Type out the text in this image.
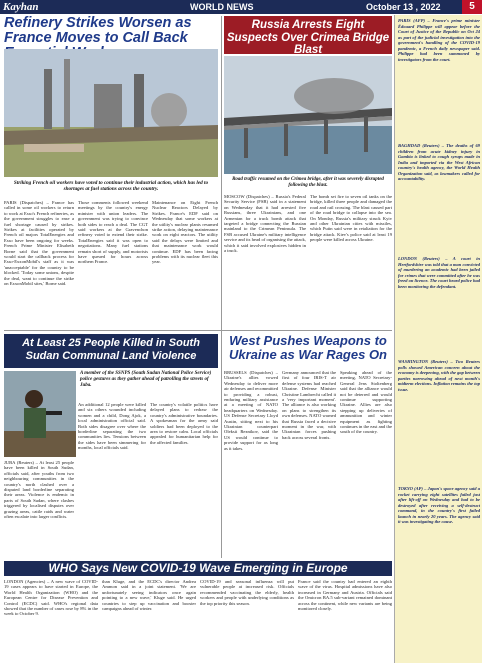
Kayhan	WORLD NEWS	October 13 , 2022	5
Refinery Strikes Worsen as France Moves to Call Back
Striking French oil workers have voted to continue their industrial action, which has led to shortages at fuel stations across the country.
PARIS (Dispatches) – France has called in some oil workers to return to work at Esso's French refineries, as the government struggles to ease a fuel shortage caused by strikes. Strikes at facilities operated by French oil majors TotalEnergies and Esso have been ongoing for weeks. French Prime Minister Elisabeth Borne said that the government would start the callback process for Esso-ExxonMobil's staff as it was 'unacceptable' for the country to be blocked. 'Today some unions, despite the deal, want to continue the strike on ExxonMobil sites,' Borne said.
Those comments followed weekend meetings by the country's energy minister with union leaders. The government was trying to convince both sides to reach a deal. The CGT said workers at the Gravenchon refinery voted to extend their strike. TotalEnergies said it was open to negotiations. Many fuel stations remain short of supply, and motorists have queued for hours across northern France.
Maintenance on Eight French Nuclear Reactors Delayed by Strikes. France's EDF said on Wednesday that some workers at the utility's nuclear plants resumed strike action, delaying maintenance work on eight reactors. The utility said the delays were limited and that maintenance work would continue. EDF has been facing problems with its nuclear fleet this year.
Russia Arrests Eight Suspects Over Crimea Bridge Blast
Road traffic resumed on the Crimea bridge, after it was severely disrupted following the blast.
MOSCOW (Dispatches) – Russia's Federal Security Service (FSB) said in a statement on Wednesday that it had arrested five Russians, three Ukrainians, and one Armenian for a truck bomb attack that targeted a bridge connecting the Russian mainland to the Crimean Peninsula. The FSB accused Ukraine's military intelligence service and its head of organising the attack, which it said involved explosives hidden in a truck.
The bomb set fire to seven oil tanks on the bridge, killed three people and damaged the road and rail crossing. The blast caused part of the road bridge to collapse into the sea. On Monday, Russia's military struck Kyiv and other Ukrainian cities with missiles, which Putin said were in retaliation for the bridge attack. Kiev's police said at least 19 people were killed across Ukraine.
At Least 25 People Killed in South Sudan Communal Land Violence
A member of the SSNPS (South Sudan National Police Service) police gestures as they gather ahead of patrolling the streets of Juba.
JUBA (Reuters) – At least 25 people have been killed in South Sudan, officials said, after youths from two neighbouring communities in the country's north clashed over a disputed land borderline separating their areas. Violence is endemic in parts of South Sudan, where clashes triggered by localised disputes over grazing areas, cattle raids and water often escalate into larger conflicts.
An additional 12 people were killed and six others wounded including women and a child, Dong Ajok, a local administration official said. Both sides disagree over where the borderline separating the two communities lies. Tensions between the sides have been simmering for months, local officials said.
The country's volatile politics have delayed plans to redraw the country's administrative boundaries. A spokesman for the army said soldiers had been deployed to the area to restore calm. Local officials appealed for humanitarian help for the affected families.
West Pushes Weapons to Ukraine as War Rages On
BRUSSELS (Dispatches) – Ukraine's allies vowed Wednesday to deliver more air defenses and recommitted to providing a robust, enduring military assistance at a meeting of NATO headquarters on Wednesday. US Defense Secretary Lloyd Austin, sitting next to his Ukrainian counterpart Oleksii Reznikov, said the US would continue to provide support for as long as it takes.
Germany announced that the first of four IRIS-T air defense systems had reached Ukraine. Defense Minister Christine Lambrecht called it a 'very important moment'. The alliance is also working on plans to strengthen its own defenses. NATO warned that Russia faced a decisive moment in the war, with Ukrainian forces pushing back across several fronts.
Speaking ahead of the meeting, NATO Secretary-General Jens Stoltenberg said that the alliance would not be deterred and would continue supporting Ukraine. Allies are also stepping up deliveries of ammunition and winter equipment as fighting continues in the east and the south of the country.
WHO Says New COVID-19 Wave Emerging in Europe
LONDON (Agencies) – A new wave of COVID-19 cases appears to have started in Europe, the World Health Organization (WHO) and the European Centre for Disease Prevention and Control (ECDC) said. WHO's regional data showed that the number of cases rose by 8% in the week to October 9.
than Kluge, and the ECDC's director Andrea Ammon said in a joint statement. 'We are unfortunately seeing indicators once again pointing to a new wave,' Kluge said. He urged countries to step up vaccination and booster campaigns ahead of winter.
COVID-19 and seasonal influenza will put vulnerable people at increased risk. Officials recommended vaccinating the elderly, health workers and people with underlying conditions as the top priority this season.
France said the country had entered an eighth wave of the virus. Hospital admissions have also increased in Germany and Austria. Officials said the Omicron BA.5 sub-variant remained dominant across the continent, while new variants are being monitored closely.
PARIS (AFP) – France's prime minister Édouard Philippe will appear before the Court of Justice of the Republic on Oct 24 as part of the judicial investigation into the government's handling of the COVID-19 pandemic, a French daily newspaper said. Philippe had been summoned by investigators from the court.
BAGHDAD (Reuters) – The deaths of 69 children from acute kidney injury in Gambia is linked to cough syrups made in India and imported via the West African country's health agency, the World Health Organization said, as lawmakers called for accountability.
LONDON (Reuters) – A court in Hertfordshire was told that a man convicted of murdering an academic had been jailed for crimes that were committed after he was freed on licence. The court heard police had been monitoring the defendant.
WASHINGTON (Reuters) – Two Reuters polls showed American concern about the economy is deepening, with the gap between parties narrowing ahead of next month's midterm elections. Inflation remains the top issue.
TOKYO (AP) – Japan's space agency said a rocket carrying eight satellites failed just after lift-off on Wednesday and had to be destroyed after receiving a self-destruct command, in the country's first failed launch in nearly 20 years. The agency said it was investigating the cause.
